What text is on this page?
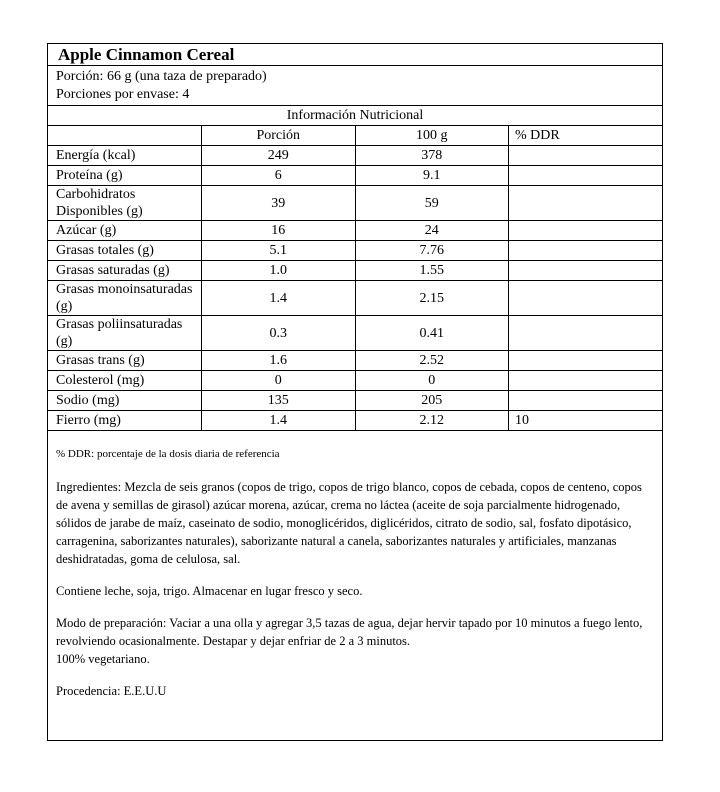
Apple Cinnamon Cereal
Porción: 66 g (una taza de preparado)
Porciones por envase: 4
Información Nutricional			
	Porción	100 g	% DDR
Energía (kcal)	249	378	
Proteína (g)	6	9.1	
Carbohidratos Disponibles (g)	39	59	
Azúcar (g)	16	24	
Grasas totales (g)	5.1	7.76	
Grasas saturadas (g)	1.0	1.55	
Grasas monoinsaturadas (g)	1.4	2.15	
Grasas poliinsaturadas (g)	0.3	0.41	
Grasas trans (g)	1.6	2.52	
Colesterol (mg)	0	0	
Sodio (mg)	135	205	
Fierro (mg)	1.4	2.12	10

% DDR: porcentaje de la dosis diaria de referencia

Ingredientes: Mezcla de seis granos (copos de trigo, copos de trigo blanco, copos de cebada, copos de centeno, copos de avena y semillas de girasol) azúcar morena, azúcar, crema no láctea (aceite de soja parcialmente hidrogenado, sólidos de jarabe de maíz, caseinato de sodio, monoglicéridos, diglicéridos, citrato de sodio, sal, fosfato dipotásico, carragenina, saborizantes naturales), saborizante natural a canela, saborizantes naturales y artificiales, manzanas deshidratadas, goma de celulosa, sal.

Contiene leche, soja, trigo. Almacenar en lugar fresco y seco.

Modo de preparación: Vaciar a una olla y agregar 3,5 tazas de agua, dejar hervir tapado por 10 minutos a fuego lento, revolviendo ocasionalmente. Destapar y dejar enfriar de 2 a 3 minutos.
100% vegetariano.

Procedencia: E.E.U.U
